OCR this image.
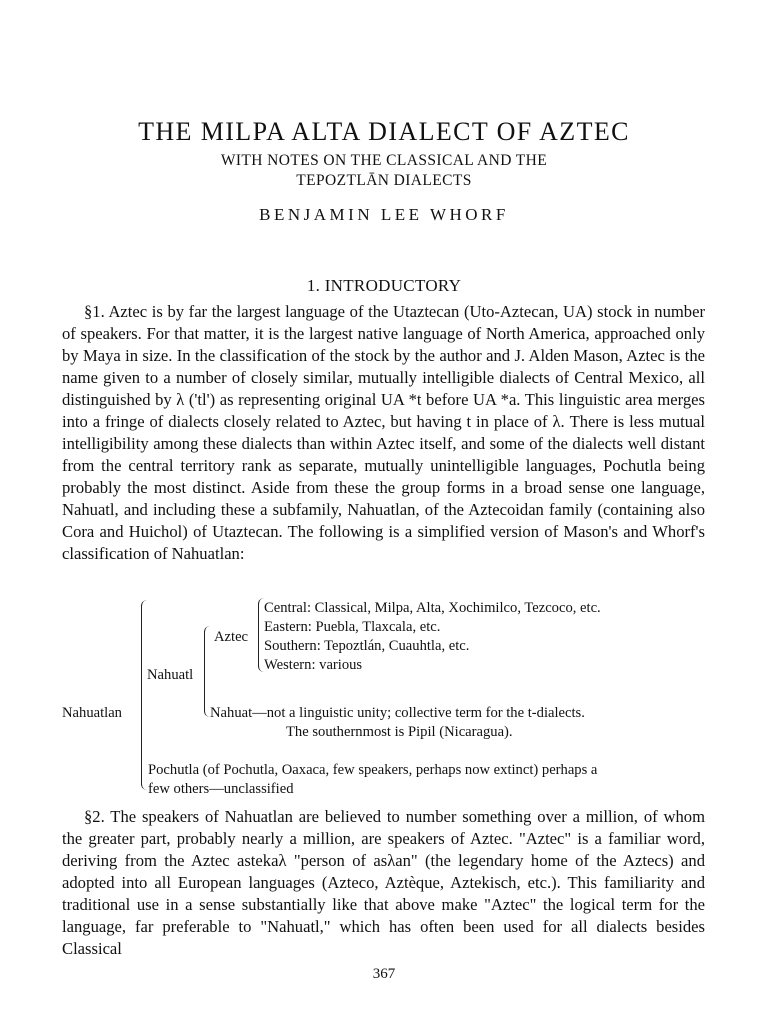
THE MILPA ALTA DIALECT OF AZTEC
WITH NOTES ON THE CLASSICAL AND THE
TEPOZTLĀN DIALECTS
BENJAMIN LEE WHORF
1. INTRODUCTORY

§1. Aztec is by far the largest language of the Utaztecan (Uto-Aztecan, UA) stock in number of speakers. For that matter, it is the largest native language of North America, approached only by Maya in size. In the classification of the stock by the author and J. Alden Mason, Aztec is the name given to a number of closely similar, mutually intelligible dialects of Central Mexico, all distinguished by λ ('tl') as representing original UA *t before UA *a. This linguistic area merges into a fringe of dialects closely related to Aztec, but having t in place of λ. There is less mutual intelligibility among these dialects than within Aztec itself, and some of the dialects well distant from the central territory rank as separate, mutually unintelligible languages, Pochutla being probably the most distinct. Aside from these the group forms in a broad sense one language, Nahuatl, and including these a subfamily, Nahuatlan, of the Aztecoidan family (containing also Cora and Huichol) of Utaztecan. The following is a simplified version of Mason's and Whorf's classification of Nahuatlan:

Nahuatlan
Nahuatl
Aztec
Central: Classical, Milpa, Alta, Xochimilco, Tezcoco, etc.
Eastern: Puebla, Tlaxcala, etc.
Southern: Tepoztlán, Cuauhtla, etc.
Western: various
Nahuat—not a linguistic unity; collective term for the t-dialects.
The southernmost is Pipil (Nicaragua).
Pochutla (of Pochutla, Oaxaca, few speakers, perhaps now extinct) perhaps a
few others—unclassified

§2. The speakers of Nahuatlan are believed to number something over a million, of whom the greater part, probably nearly a million, are speakers of Aztec. "Aztec" is a familiar word, deriving from the Aztec astekaλ "person of asλan" (the legendary home of the Aztecs) and adopted into all European languages (Azteco, Aztèque, Aztekisch, etc.). This familiarity and traditional use in a sense substantially like that above make "Aztec" the logical term for the language, far preferable to "Nahuatl," which has often been used for all dialects besides Classical

367
